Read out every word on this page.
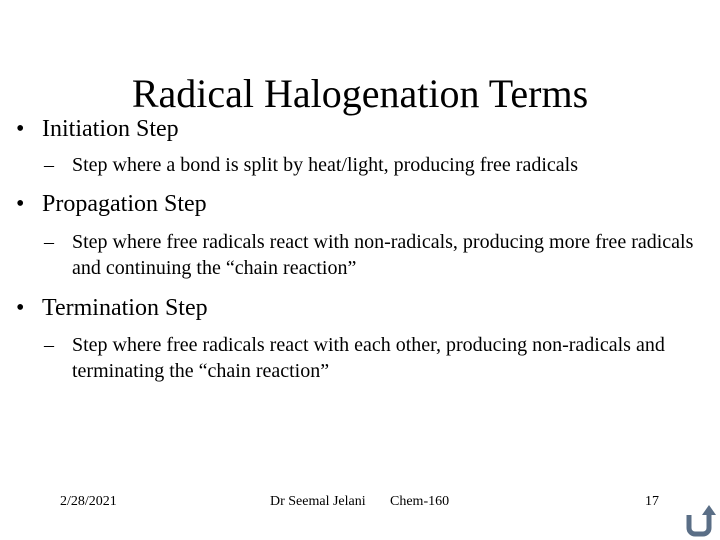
Radical Halogenation Terms
• Initiation Step
– Step where a bond is split by heat/light, producing free radicals
• Propagation Step
– Step where free radicals react with non-radicals, producing more free radicals and continuing the “chain reaction”
• Termination Step
– Step where free radicals react with each other, producing non-radicals and terminating the “chain reaction”
2/28/2021	Dr Seemal Jelani Chem-160	17
